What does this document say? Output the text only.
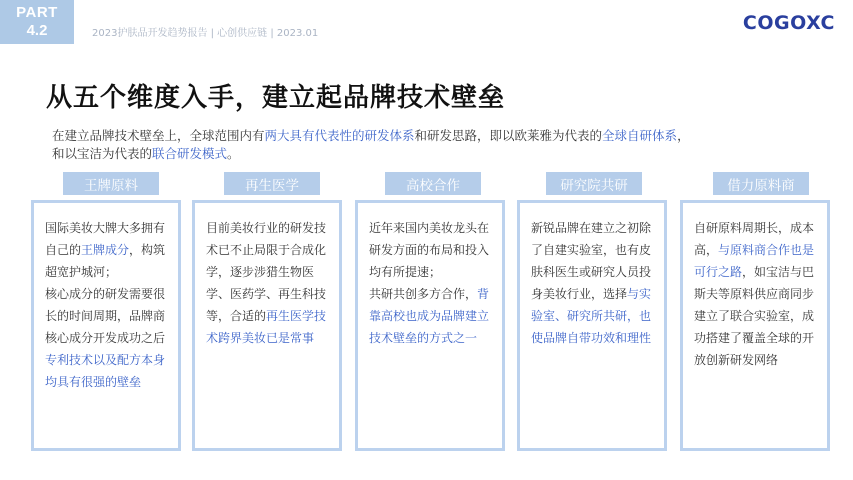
PART
4.2	2023护肤品开发趋势报告 | 心创供应链 | 2023.01	COGOXC
从五个维度入手，建立起品牌技术壁垒

在建立品牌技术壁垒上，全球范围内有两大具有代表性的研发体系和研发思路，即以欧莱雅为代表的全球自研体系，
和以宝洁为代表的联合研发模式。

王牌原料	再生医学	高校合作	研究院共研	借力原料商

国际美妆大牌大多拥有自己的王牌成分，构筑超宽护城河；
核心成分的研发需要很长的时间周期，品牌商核心成分开发成功之后专利技术以及配方本身均具有很强的壁垒

目前美妆行业的研发技术已不止局限于合成化学，逐步涉猎生物医学、医药学、再生科技等，合适的再生医学技术跨界美妆已是常事

近年来国内美妆龙头在研发方面的布局和投入均有所提速；
共研共创多方合作，背靠高校也成为品牌建立技术壁垒的方式之一

新锐品牌在建立之初除了自建实验室，也有皮肤科医生或研究人员投身美妆行业，选择与实验室、研究所共研，也使品牌自带功效和理性

自研原料周期长，成本高，与原料商合作也是可行之路，如宝洁与巴斯夫等原料供应商同步建立了联合实验室，成功搭建了覆盖全球的开放创新研发网络
